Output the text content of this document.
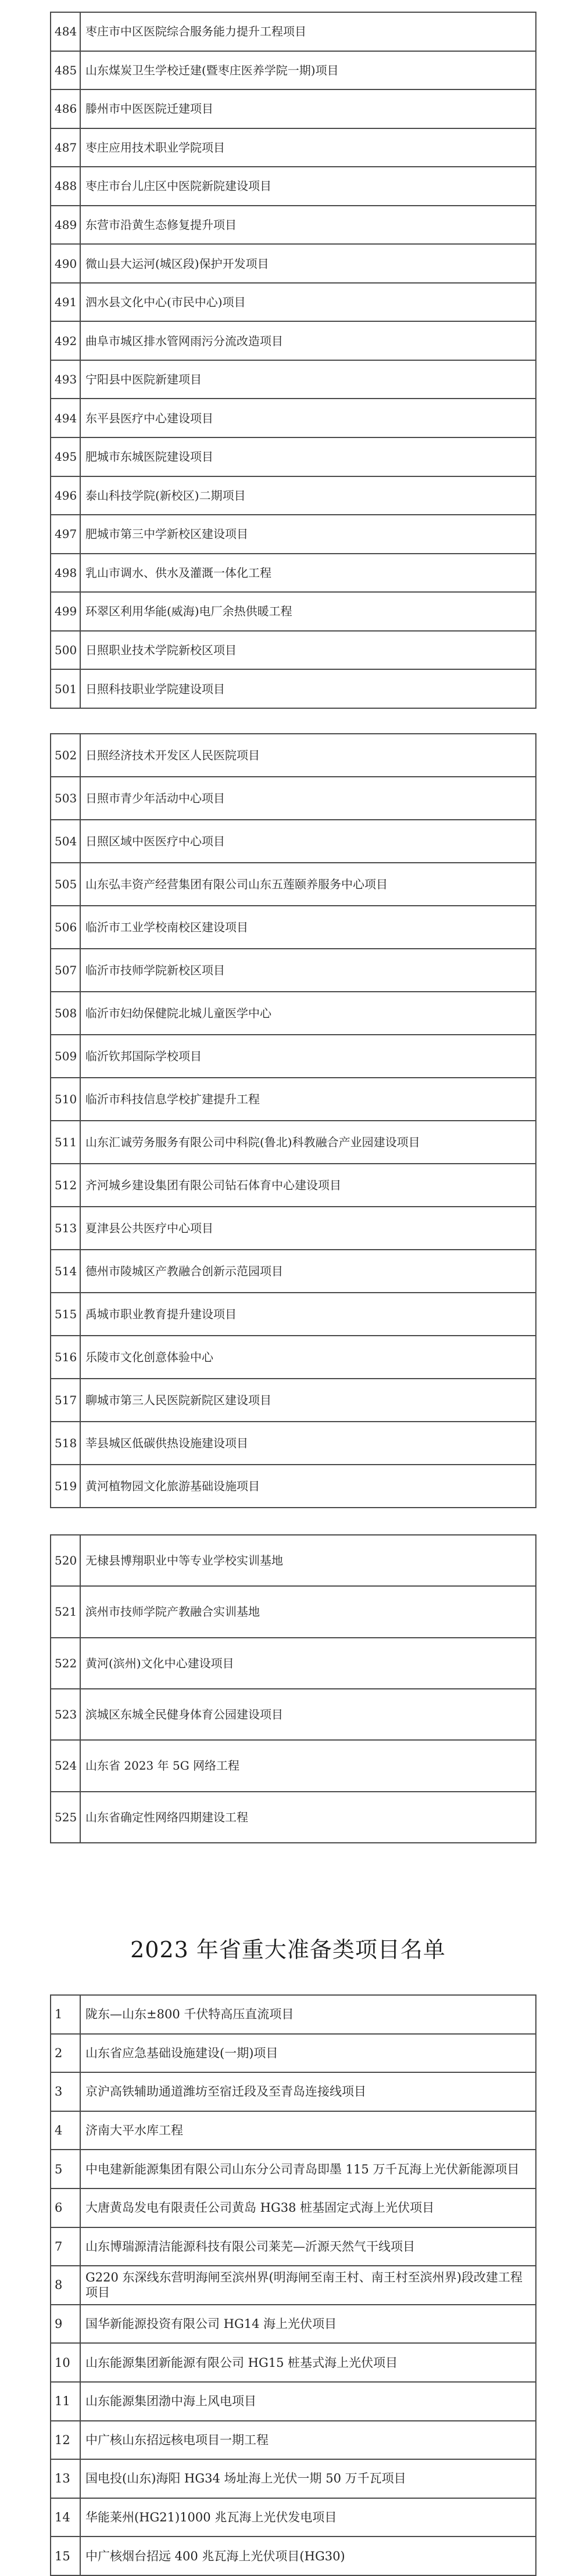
484	枣庄市中区医院综合服务能力提升工程项目
485	山东煤炭卫生学校迁建(暨枣庄医养学院一期)项目
486	滕州市中医医院迁建项目
487	枣庄应用技术职业学院项目
488	枣庄市台儿庄区中医院新院建设项目
489	东营市沿黄生态修复提升项目
490	微山县大运河(城区段)保护开发项目
491	泗水县文化中心(市民中心)项目
492	曲阜市城区排水管网雨污分流改造项目
493	宁阳县中医院新建项目
494	东平县医疗中心建设项目
495	肥城市东城医院建设项目
496	泰山科技学院(新校区)二期项目
497	肥城市第三中学新校区建设项目
498	乳山市调水、供水及灌溉一体化工程
499	环翠区利用华能(威海)电厂余热供暖工程
500	日照职业技术学院新校区项目
501	日照科技职业学院建设项目
502	日照经济技术开发区人民医院项目
503	日照市青少年活动中心项目
504	日照区域中医医疗中心项目
505	山东弘丰资产经营集团有限公司山东五莲颐养服务中心项目
506	临沂市工业学校南校区建设项目
507	临沂市技师学院新校区项目
508	临沂市妇幼保健院北城儿童医学中心
509	临沂钦邦国际学校项目
510	临沂市科技信息学校扩建提升工程
511	山东汇诚劳务服务有限公司中科院(鲁北)科教融合产业园建设项目
512	齐河城乡建设集团有限公司钻石体育中心建设项目
513	夏津县公共医疗中心项目
514	德州市陵城区产教融合创新示范园项目
515	禹城市职业教育提升建设项目
516	乐陵市文化创意体验中心
517	聊城市第三人民医院新院区建设项目
518	莘县城区低碳供热设施建设项目
519	黄河植物园文化旅游基础设施项目
520	无棣县博翔职业中等专业学校实训基地
521	滨州市技师学院产教融合实训基地
522	黄河(滨州)文化中心建设项目
523	滨城区东城全民健身体育公园建设项目
524	山东省 2023 年 5G 网络工程
525	山东省确定性网络四期建设工程
2023 年省重大准备类项目名单
1	陇东—山东±800 千伏特高压直流项目
2	山东省应急基础设施建设(一期)项目
3	京沪高铁辅助通道潍坊至宿迁段及至青岛连接线项目
4	济南大平水库工程
5	中电建新能源集团有限公司山东分公司青岛即墨 115 万千瓦海上光伏新能源项目
6	大唐黄岛发电有限责任公司黄岛 HG38 桩基固定式海上光伏项目
7	山东博瑞源清洁能源科技有限公司莱芜—沂源天然气干线项目
8	G220 东深线东营明海闸至滨州界(明海闸至南王村、南王村至滨州界)段改建工程项目
9	国华新能源投资有限公司 HG14 海上光伏项目
10	山东能源集团新能源有限公司 HG15 桩基式海上光伏项目
11	山东能源集团渤中海上风电项目
12	中广核山东招远核电项目一期工程
13	国电投(山东)海阳 HG34 场址海上光伏一期 50 万千瓦项目
14	华能莱州(HG21)1000 兆瓦海上光伏发电项目
15	中广核烟台招远 400 兆瓦海上光伏项目(HG30)
